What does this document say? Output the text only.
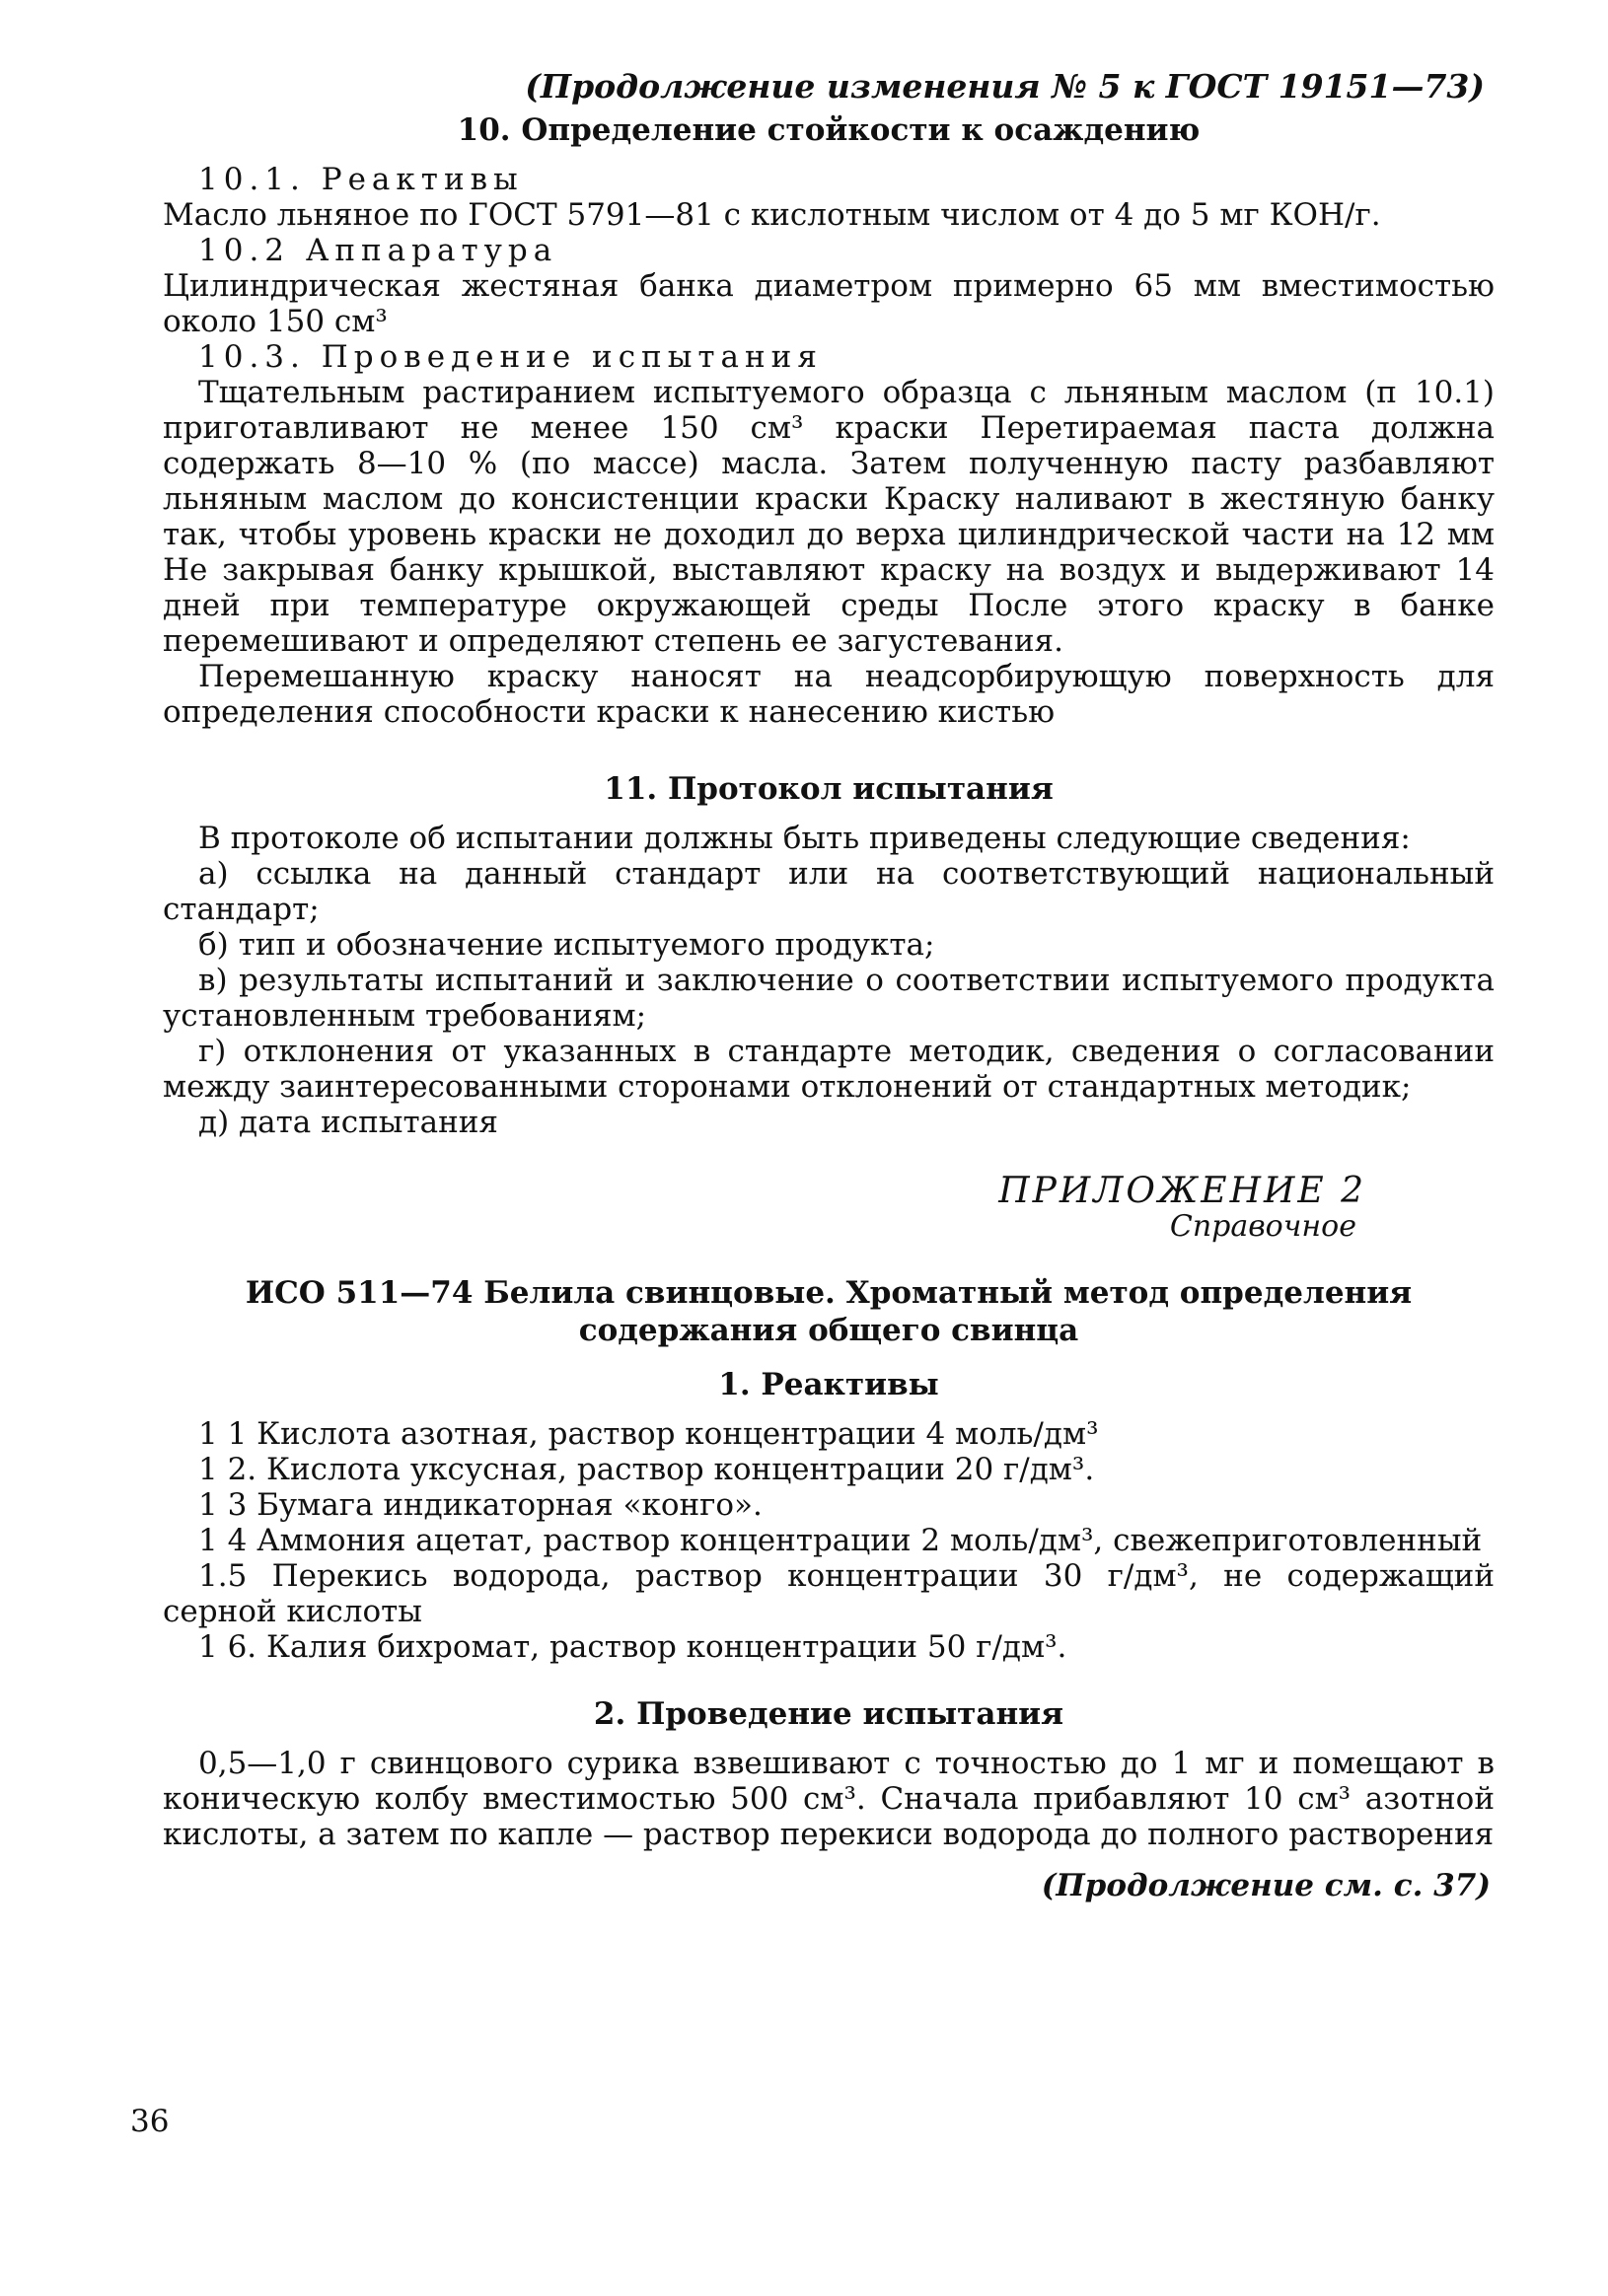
(Продолжение изменения № 5 к ГОСТ 19151—73)
10. Определение стойкости к осаждению
10.1. Реактивы

Масло льняное по ГОСТ 5791—81 с кислотным числом от 4 до 5 мг КОН/г.

10.2 Аппаратура

Цилиндрическая жестяная банка диаметром примерно 65 мм вместимостью около 150 см³

10.3. Проведение испытания

Тщательным растиранием испытуемого образца с льняным маслом (п 10.1) приготавливают не менее 150 см³ краски Перетираемая паста должна содержать 8—10 % (по массе) масла. Затем полученную пасту разбавляют льняным маслом до консистенции краски Краску наливают в жестяную банку так, чтобы уровень краски не доходил до верха цилиндрической части на 12 мм Не закрывая банку крышкой, выставляют краску на воздух и выдерживают 14 дней при температуре окружающей среды После этого краску в банке перемешивают и определяют степень ее загустевания.

Перемешанную краску наносят на неадсорбирующую поверхность для определения способности краски к нанесению кистью

11. Протокол испытания

В протоколе об испытании должны быть приведены следующие сведения:

а) ссылка на данный стандарт или на соответствующий национальный стандарт;

б) тип и обозначение испытуемого продукта;

в) результаты испытаний и заключение о соответствии испытуемого продукта установленным требованиям;

г) отклонения от указанных в стандарте методик, сведения о согласовании между заинтересованными сторонами отклонений от стандартных методик;

д) дата испытания

ПРИЛОЖЕНИЕ 2
Справочное
ИСО 511—74 Белила свинцовые. Хроматный метод определения
содержания общего свинца
1. Реактивы

1 1 Кислота азотная, раствор концентрации 4 моль/дм³

1 2. Кислота уксусная, раствор концентрации 20 г/дм³.

1 3 Бумага индикаторная «конго».

1 4 Аммония ацетат, раствор концентрации 2 моль/дм³, свежеприготовленный

1.5 Перекись водорода, раствор концентрации 30 г/дм³, не содержащий серной кислоты

1 6. Калия бихромат, раствор концентрации 50 г/дм³.

2. Проведение испытания

0,5—1,0 г свинцового сурика взвешивают с точностью до 1 мг и помещают в коническую колбу вместимостью 500 см³. Сначала прибавляют 10 см³ азотной кислоты, а затем по капле — раствор перекиси водорода до полного растворения

(Продолжение см. с. 37)
36
